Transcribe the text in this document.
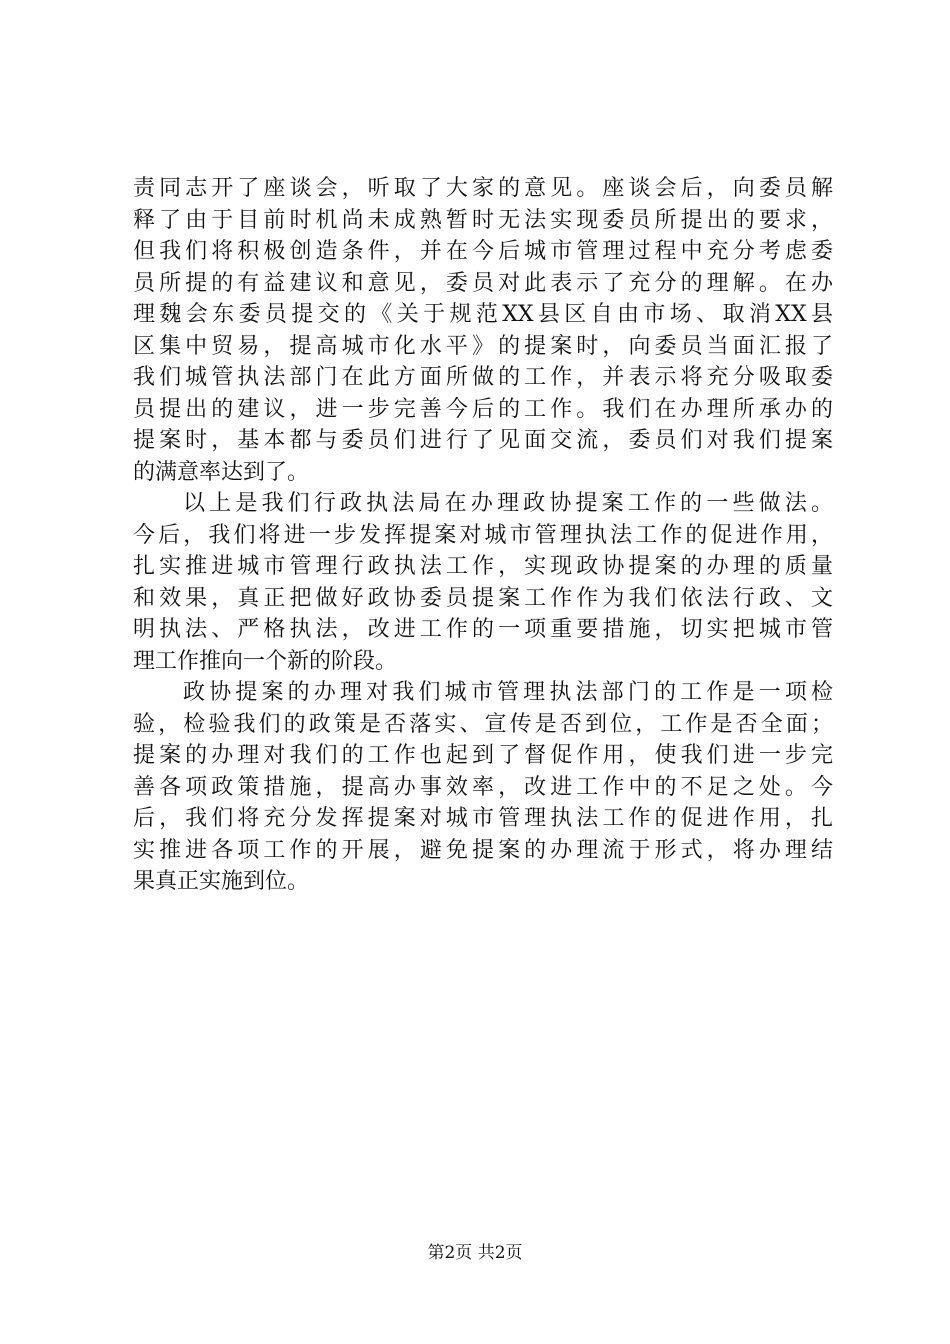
责同志开了座谈会，听取了大家的意见。座谈会后，向委员解
释了由于目前时机尚未成熟暂时无法实现委员所提出的要求，
但我们将积极创造条件，并在今后城市管理过程中充分考虑委
员所提的有益建议和意见，委员对此表示了充分的理解。在办
理魏会东委员提交的《关于规范XX县区自由市场、取消XX县
区集中贸易，提高城市化水平》的提案时，向委员当面汇报了
我们城管执法部门在此方面所做的工作，并表示将充分吸取委
员提出的建议，进一步完善今后的工作。我们在办理所承办的
提案时，基本都与委员们进行了见面交流，委员们对我们提案
的满意率达到了。
以上是我们行政执法局在办理政协提案工作的一些做法。
今后，我们将进一步发挥提案对城市管理执法工作的促进作用，
扎实推进城市管理行政执法工作，实现政协提案的办理的质量
和效果，真正把做好政协委员提案工作作为我们依法行政、文
明执法、严格执法，改进工作的一项重要措施，切实把城市管
理工作推向一个新的阶段。
政协提案的办理对我们城市管理执法部门的工作是一项检
验，检验我们的政策是否落实、宣传是否到位，工作是否全面；
提案的办理对我们的工作也起到了督促作用，使我们进一步完
善各项政策措施，提高办事效率，改进工作中的不足之处。今
后，我们将充分发挥提案对城市管理执法工作的促进作用，扎
实推进各项工作的开展，避免提案的办理流于形式，将办理结
果真正实施到位。
第2页 共2页
